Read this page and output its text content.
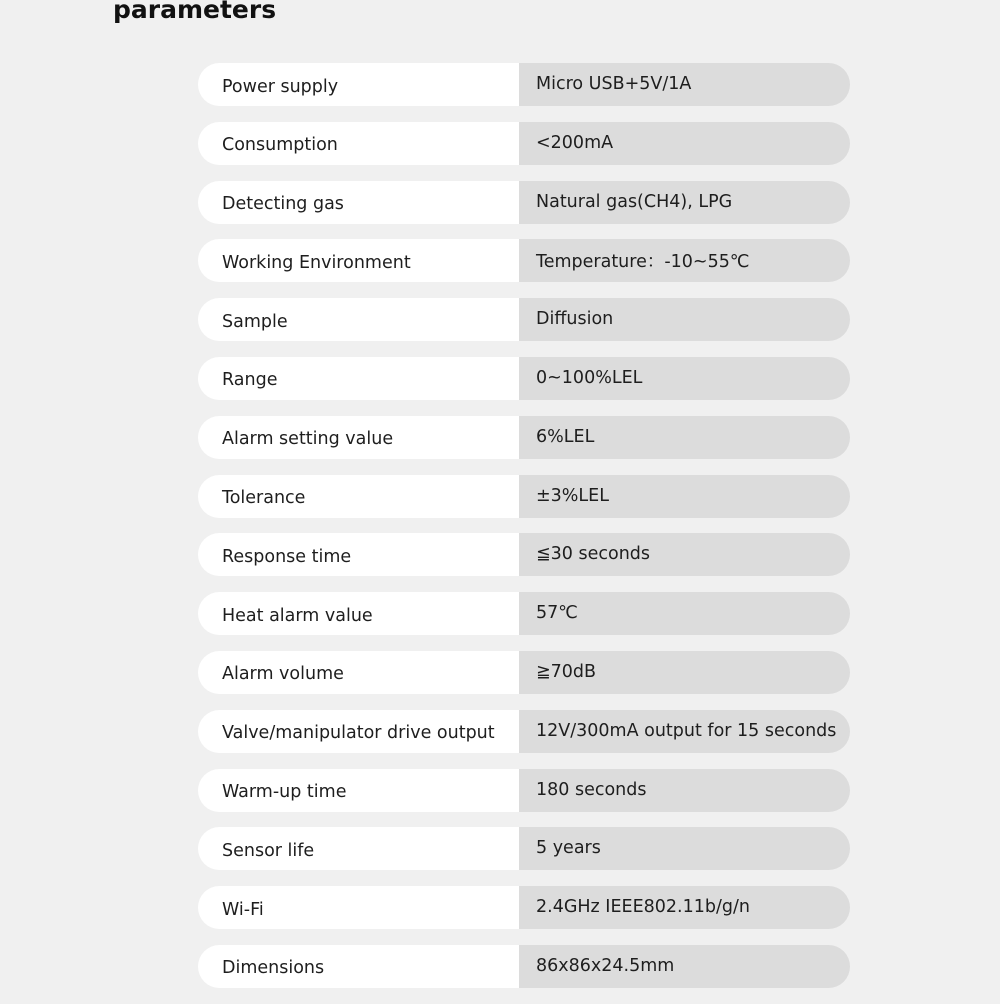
parameters
Power supply	Micro USB+5V/1A
Consumption	<200mA
Detecting gas	Natural gas(CH4), LPG
Working Environment	Temperature：-10~55℃
Sample	Diffusion
Range	0~100%LEL
Alarm setting value	6%LEL
Tolerance	±3%LEL
Response time	≦30 seconds
Heat alarm value	57℃
Alarm volume	≧70dB
Valve/manipulator drive output	12V/300mA output for 15 seconds
Warm-up time	180 seconds
Sensor life	5 years
Wi-Fi	2.4GHz IEEE802.11b/g/n
Dimensions	86x86x24.5mm
